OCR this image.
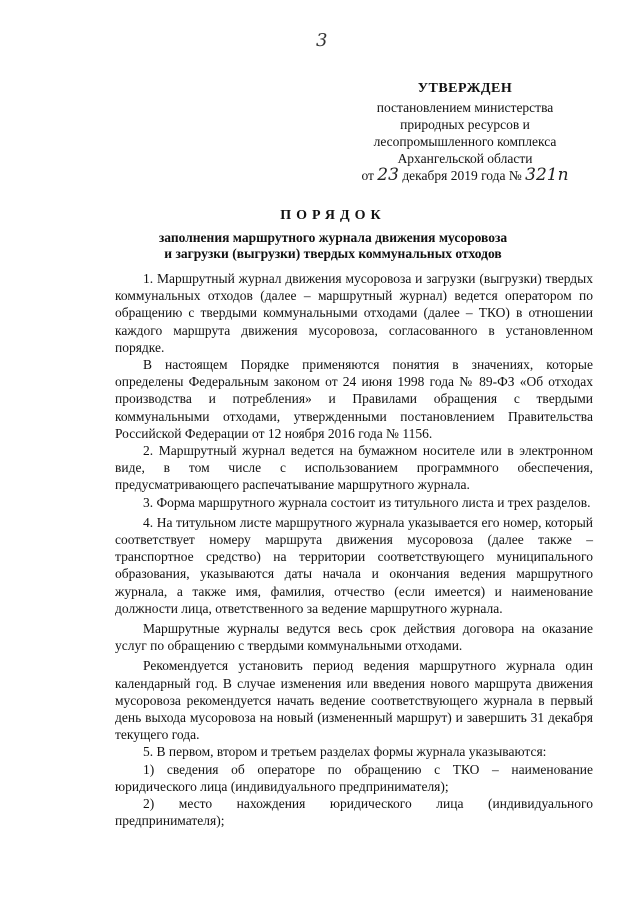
3
УТВЕРЖДЕН
постановлением министерства
природных ресурсов и
лесопромышленного комплекса
Архангельской области
от 23 декабря 2019 года № 321п
ПОРЯДОК
заполнения маршрутного журнала движения мусоровоза
и загрузки (выгрузки) твердых коммунальных отходов

1. Маршрутный журнал движения мусоровоза и загрузки (выгрузки) твердых коммунальных отходов (далее – маршрутный журнал) ведется оператором по обращению с твердыми коммунальными отходами (далее – ТКО) в отношении каждого маршрута движения мусоровоза, согласованного в установленном порядке.

В настоящем Порядке применяются понятия в значениях, которые определены Федеральным законом от 24 июня 1998 года № 89-ФЗ «Об отходах производства и потребления» и Правилами обращения с твердыми коммунальными отходами, утвержденными постановлением Правительства Российской Федерации от 12 ноября 2016 года № 1156.

2. Маршрутный журнал ведется на бумажном носителе или в электронном виде, в том числе с использованием программного обеспечения, предусматривающего распечатывание маршрутного журнала.

3. Форма маршрутного журнала состоит из титульного листа и трех разделов.

4. На титульном листе маршрутного журнала указывается его номер, который соответствует номеру маршрута движения мусоровоза (далее также – транспортное средство) на территории соответствующего муниципального образования, указываются даты начала и окончания ведения маршрутного журнала, а также имя, фамилия, отчество (если имеется) и наименование должности лица, ответственного за ведение маршрутного журнала.

Маршрутные журналы ведутся весь срок действия договора на оказание услуг по обращению с твердыми коммунальными отходами.

Рекомендуется установить период ведения маршрутного журнала один календарный год. В случае изменения или введения нового маршрута движения мусоровоза рекомендуется начать ведение соответствующего журнала в первый день выхода мусоровоза на новый (измененный маршрут) и завершить 31 декабря текущего года.

5. В первом, втором и третьем разделах формы журнала указываются:

1) сведения об операторе по обращению с ТКО – наименование юридического лица (индивидуального предпринимателя);

2) место нахождения юридического лица (индивидуального предпринимателя);
